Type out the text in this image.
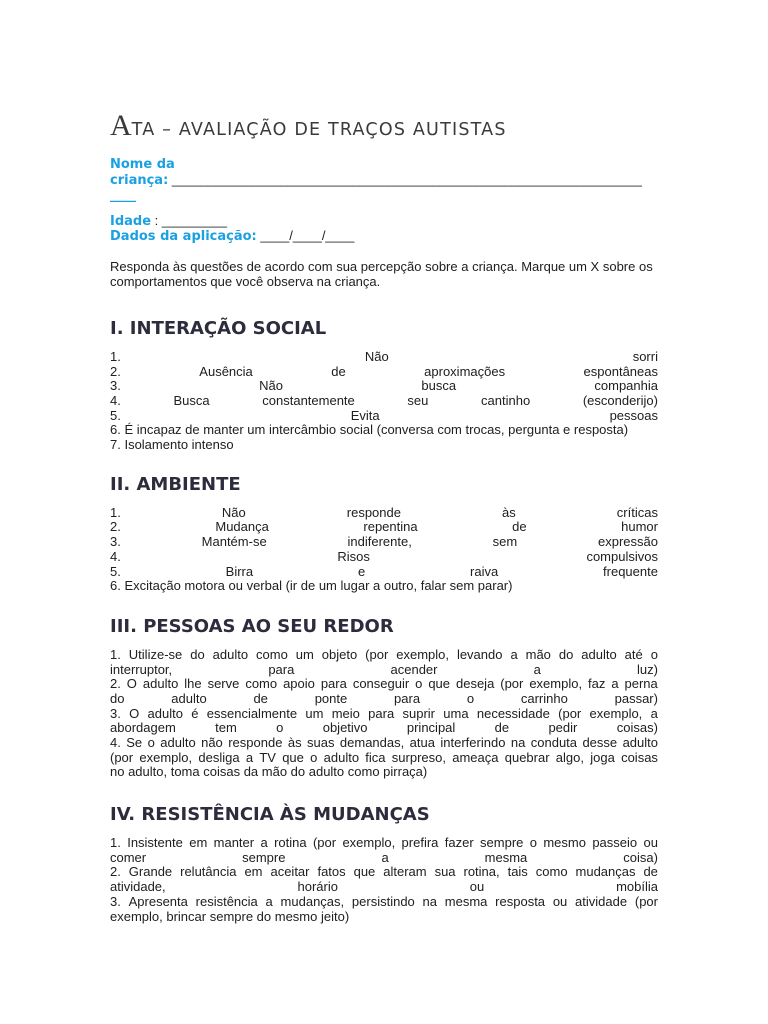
ATA – AVALIAÇÃO DE TRAÇOS AUTISTAS
Nome da
criança: _________________________________________________________________
____
Idade : _________
Dados da aplicação: ____/____/____

Responda às questões de acordo com sua percepção sobre a criança. Marque um X sobre os comportamentos que você observa na criança.

I. INTERAÇÃO SOCIAL
1.	Não	sorri
2.	Ausência	de	aproximações	espontâneas
3.	Não	busca	companhia
4.	Busca	constantemente	seu	cantinho	(esconderijo)
5.	Evita	pessoas
6. É incapaz de manter um intercâmbio social (conversa com trocas, pergunta e resposta)
7. Isolamento intenso
II. AMBIENTE
1.	Não	responde	às	críticas
2.	Mudança	repentina	de	humor
3.	Mantém-se	indiferente,	sem	expressão
4.	Risos	compulsivos
5.	Birra	e	raiva	frequente
6. Excitação motora ou verbal (ir de um lugar a outro, falar sem parar)
III. PESSOAS AO SEU REDOR
1. Utilize-se do adulto como um objeto (por exemplo, levando a mão do adulto até o
interruptor,	para	acender	a	luz)
2. O adulto lhe serve como apoio para conseguir o que deseja (por exemplo, faz a perna
do	adulto	de	ponte	para	o	carrinho	passar)
3. O adulto é essencialmente um meio para suprir uma necessidade (por exemplo, a
abordagem	tem	o	objetivo	principal	de	pedir	coisas)
4. Se o adulto não responde às suas demandas, atua interferindo na conduta desse adulto
(por exemplo, desliga a TV que o adulto fica surpreso, ameaça quebrar algo, joga coisas
no adulto, toma coisas da mão do adulto como pirraça)
IV. RESISTÊNCIA ÀS MUDANÇAS
1. Insistente em manter a rotina (por exemplo, prefira fazer sempre o mesmo passeio ou
comer	sempre	a	mesma	coisa)
2. Grande relutância em aceitar fatos que alteram sua rotina, tais como mudanças de
atividade,	horário	ou	mobília
3. Apresenta resistência a mudanças, persistindo na mesma resposta ou atividade (por
exemplo, brincar sempre do mesmo jeito)
